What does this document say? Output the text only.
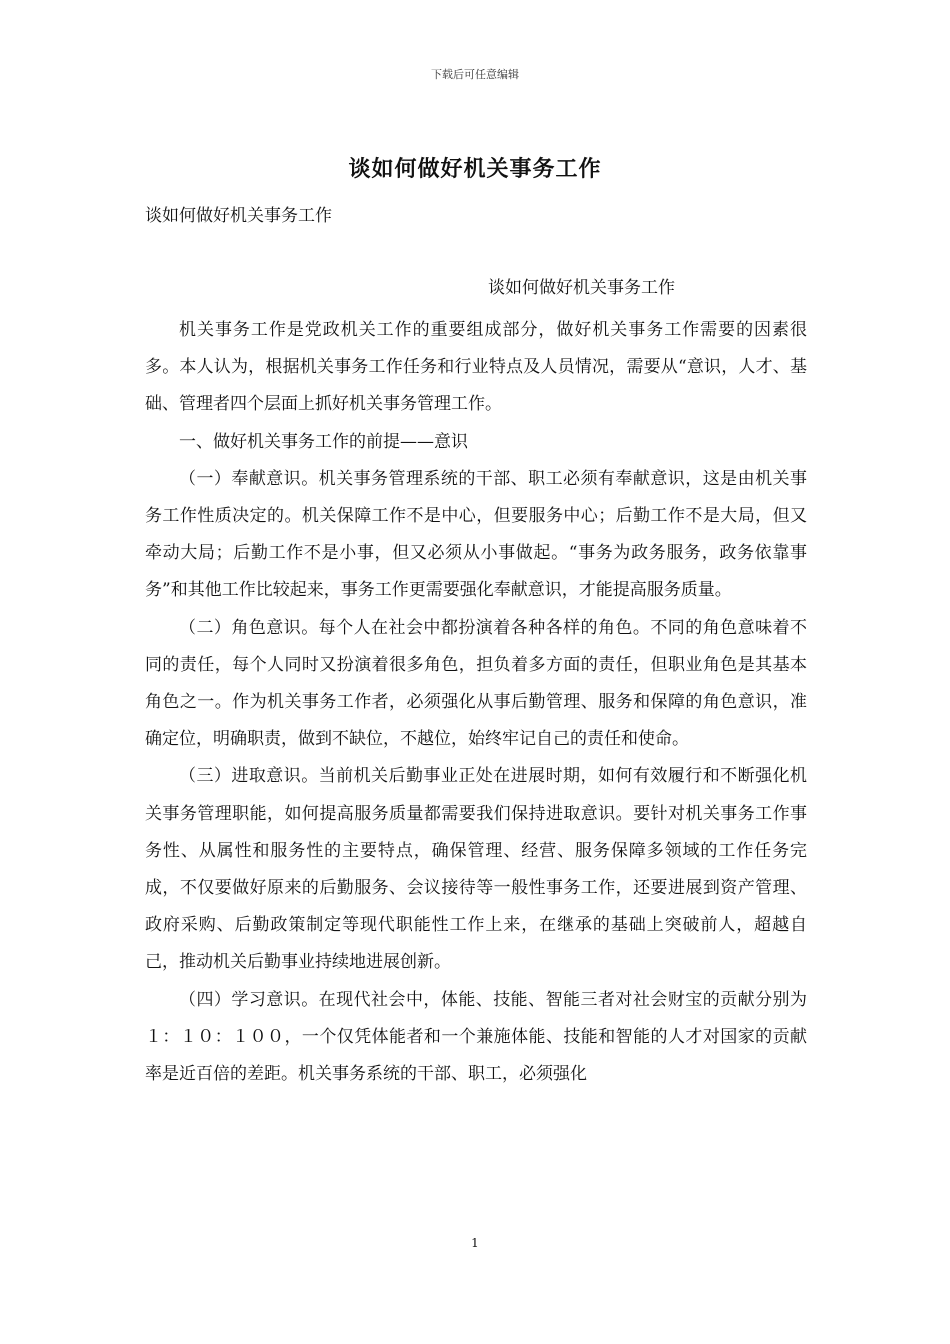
下载后可任意编辑
谈如何做好机关事务工作
谈如何做好机关事务工作
谈如何做好机关事务工作

机关事务工作是党政机关工作的重要组成部分，做好机关事务工作需要的因素很多。本人认为，根据机关事务工作任务和行业特点及人员情况，需要从“意识，人才、基础、管理者四个层面上抓好机关事务管理工作。

一、做好机关事务工作的前提——意识

（一）奉献意识。机关事务管理系统的干部、职工必须有奉献意识，这是由机关事务工作性质决定的。机关保障工作不是中心，但要服务中心；后勤工作不是大局，但又牵动大局；后勤工作不是小事，但又必须从小事做起。“事务为政务服务，政务依靠事务”和其他工作比较起来，事务工作更需要强化奉献意识，才能提高服务质量。

（二）角色意识。每个人在社会中都扮演着各种各样的角色。不同的角色意味着不同的责任，每个人同时又扮演着很多角色，担负着多方面的责任，但职业角色是其基本角色之一。作为机关事务工作者，必须强化从事后勤管理、服务和保障的角色意识，准确定位，明确职责，做到不缺位，不越位，始终牢记自己的责任和使命。

（三）进取意识。当前机关后勤事业正处在进展时期，如何有效履行和不断强化机关事务管理职能，如何提高服务质量都需要我们保持进取意识。要针对机关事务工作事务性、从属性和服务性的主要特点，确保管理、经营、服务保障多领域的工作任务完成，不仅要做好原来的后勤服务、会议接待等一般性事务工作，还要进展到资产管理、政府采购、后勤政策制定等现代职能性工作上来，在继承的基础上突破前人，超越自己，推动机关后勤事业持续地进展创新。

（四）学习意识。在现代社会中，体能、技能、智能三者对社会财宝的贡献分别为１：１０：１００，一个仅凭体能者和一个兼施体能、技能和智能的人才对国家的贡献率是近百倍的差距。机关事务系统的干部、职工，必须强化

1
